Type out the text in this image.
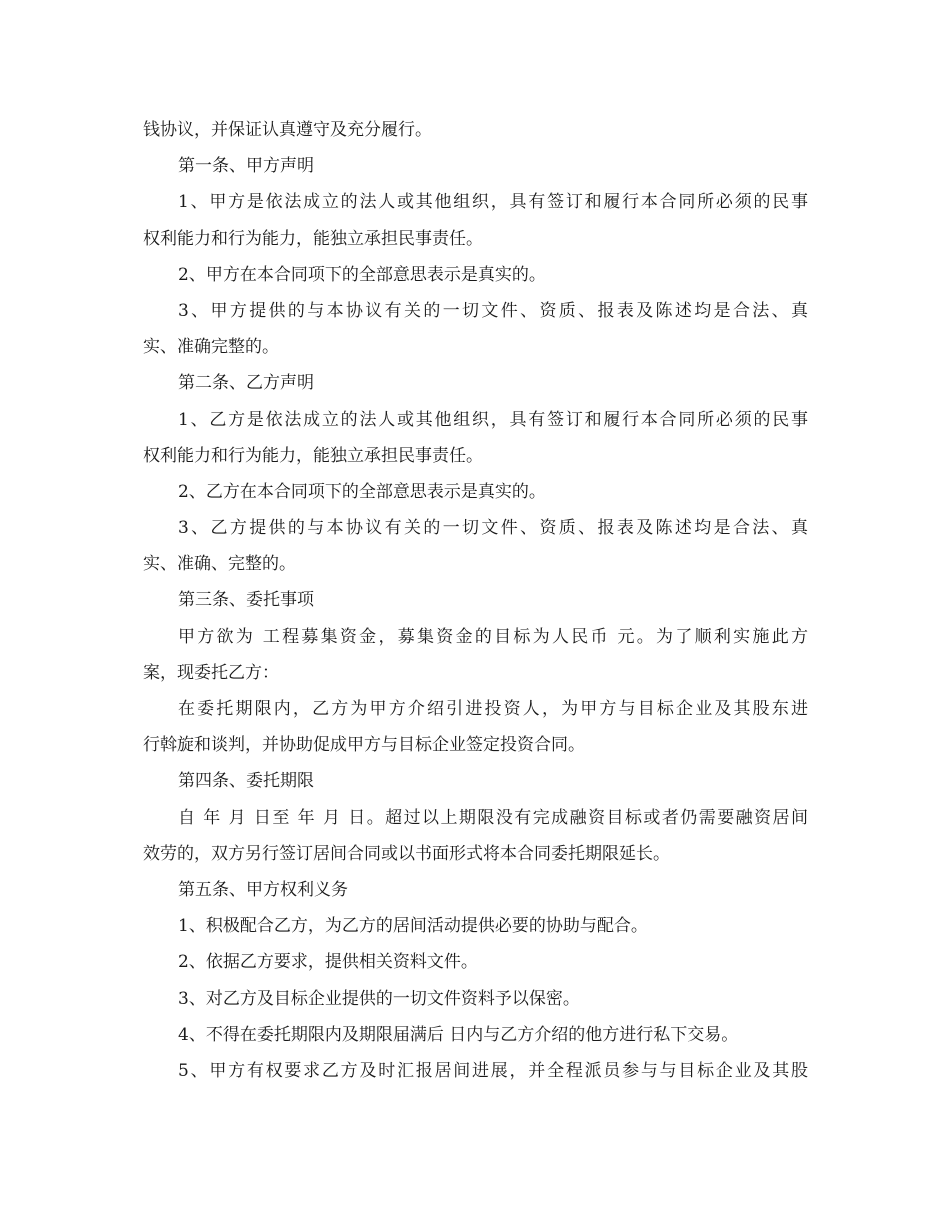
钱协议，并保证认真遵守及充分履行。
第一条、甲方声明
1、甲方是依法成立的法人或其他组织，具有签订和履行本合同所必须的民事
权利能力和行为能力，能独立承担民事责任。
2、甲方在本合同项下的全部意思表示是真实的。
3、甲方提供的与本协议有关的一切文件、资质、报表及陈述均是合法、真
实、准确完整的。
第二条、乙方声明
1、乙方是依法成立的法人或其他组织，具有签订和履行本合同所必须的民事
权利能力和行为能力，能独立承担民事责任。
2、乙方在本合同项下的全部意思表示是真实的。
3、乙方提供的与本协议有关的一切文件、资质、报表及陈述均是合法、真
实、准确、完整的。
第三条、委托事项
甲方欲为 工程募集资金，募集资金的目标为人民币 元。为了顺利实施此方
案，现委托乙方：
在委托期限内，乙方为甲方介绍引进投资人，为甲方与目标企业及其股东进
行斡旋和谈判，并协助促成甲方与目标企业签定投资合同。
第四条、委托期限
自 年 月 日至 年 月 日。超过以上期限没有完成融资目标或者仍需要融资居间
效劳的，双方另行签订居间合同或以书面形式将本合同委托期限延长。
第五条、甲方权利义务
1、积极配合乙方，为乙方的居间活动提供必要的协助与配合。
2、依据乙方要求，提供相关资料文件。
3、对乙方及目标企业提供的一切文件资料予以保密。
4、不得在委托期限内及期限届满后 日内与乙方介绍的他方进行私下交易。
5、甲方有权要求乙方及时汇报居间进展，并全程派员参与与目标企业及其股
